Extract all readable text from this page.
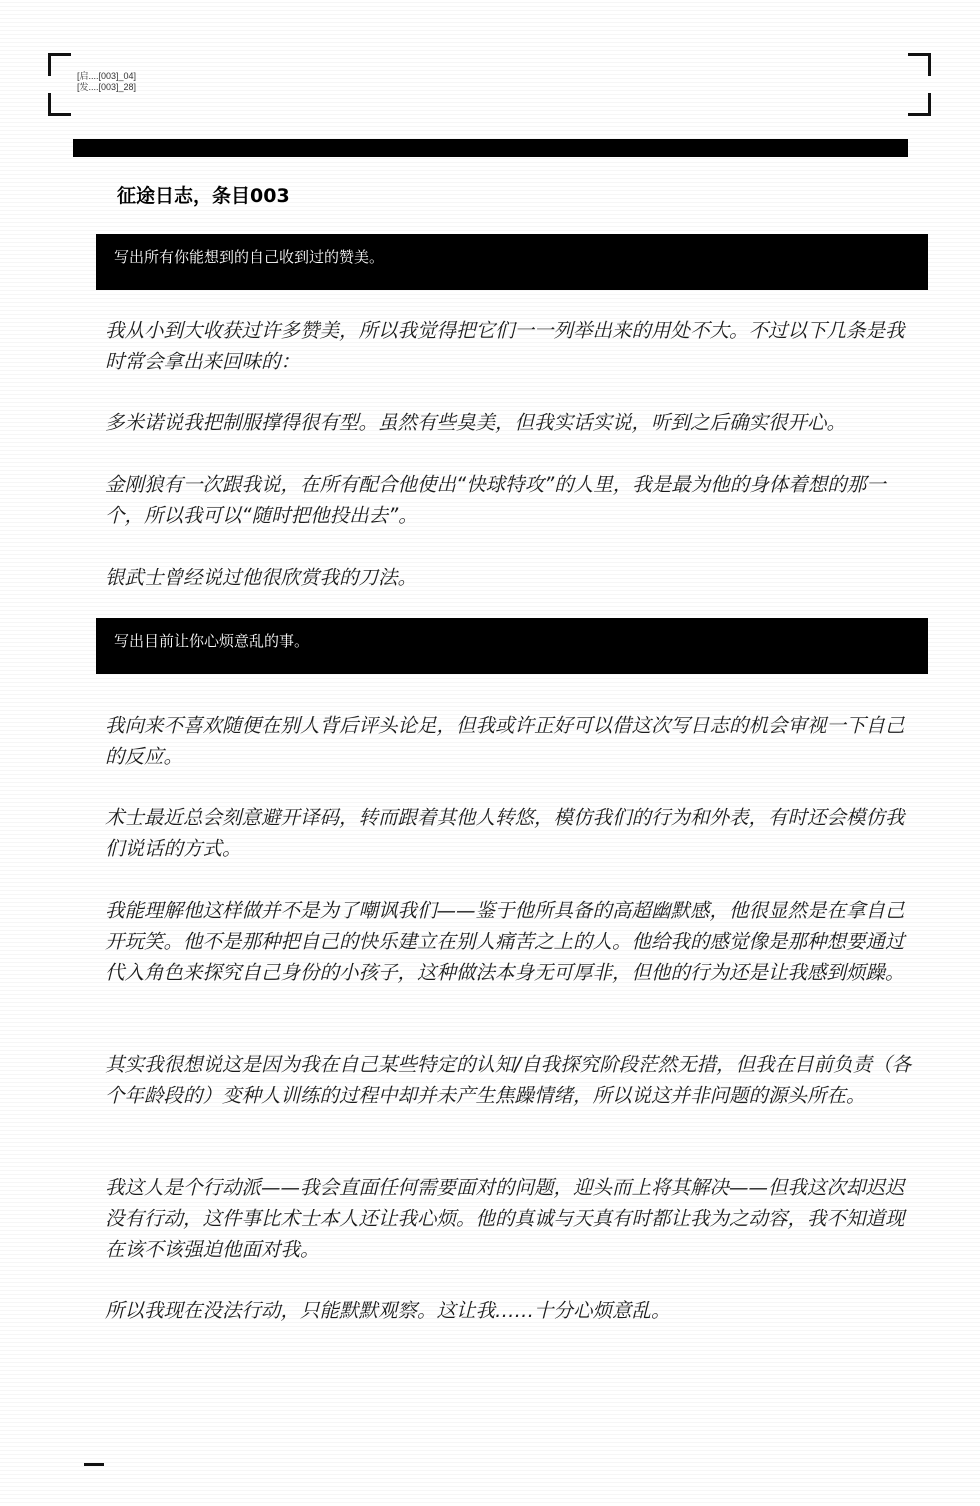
[启....[003]_04]
[发....[003]_28]
征途日志，条目003
写出所有你能想到的自己收到过的赞美。

我从小到大收获过许多赞美，所以我觉得把它们一一列举出来的用处不大。不过以下几条是我时常会拿出来回味的：

多米诺说我把制服撑得很有型。虽然有些臭美，但我实话实说，听到之后确实很开心。

金刚狼有一次跟我说，在所有配合他使出“快球特攻”的人里，我是最为他的身体着想的那一个，所以我可以“随时把他投出去”。

银武士曾经说过他很欣赏我的刀法。

写出目前让你心烦意乱的事。

我向来不喜欢随便在别人背后评头论足，但我或许正好可以借这次写日志的机会审视一下自己的反应。

术士最近总会刻意避开译码，转而跟着其他人转悠，模仿我们的行为和外表，有时还会模仿我们说话的方式。

我能理解他这样做并不是为了嘲讽我们——鉴于他所具备的高超幽默感，他很显然是在拿自己开玩笑。他不是那种把自己的快乐建立在别人痛苦之上的人。他给我的感觉像是那种想要通过代入角色来探究自己身份的小孩子，这种做法本身无可厚非，但他的行为还是让我感到烦躁。

其实我很想说这是因为我在自己某些特定的认知/自我探究阶段茫然无措，但我在目前负责（各个年龄段的）变种人训练的过程中却并未产生焦躁情绪，所以说这并非问题的源头所在。

我这人是个行动派——我会直面任何需要面对的问题，迎头而上将其解决——但我这次却迟迟没有行动，这件事比术士本人还让我心烦。他的真诚与天真有时都让我为之动容，我不知道现在该不该强迫他面对我。

所以我现在没法行动，只能默默观察。这让我……十分心烦意乱。
